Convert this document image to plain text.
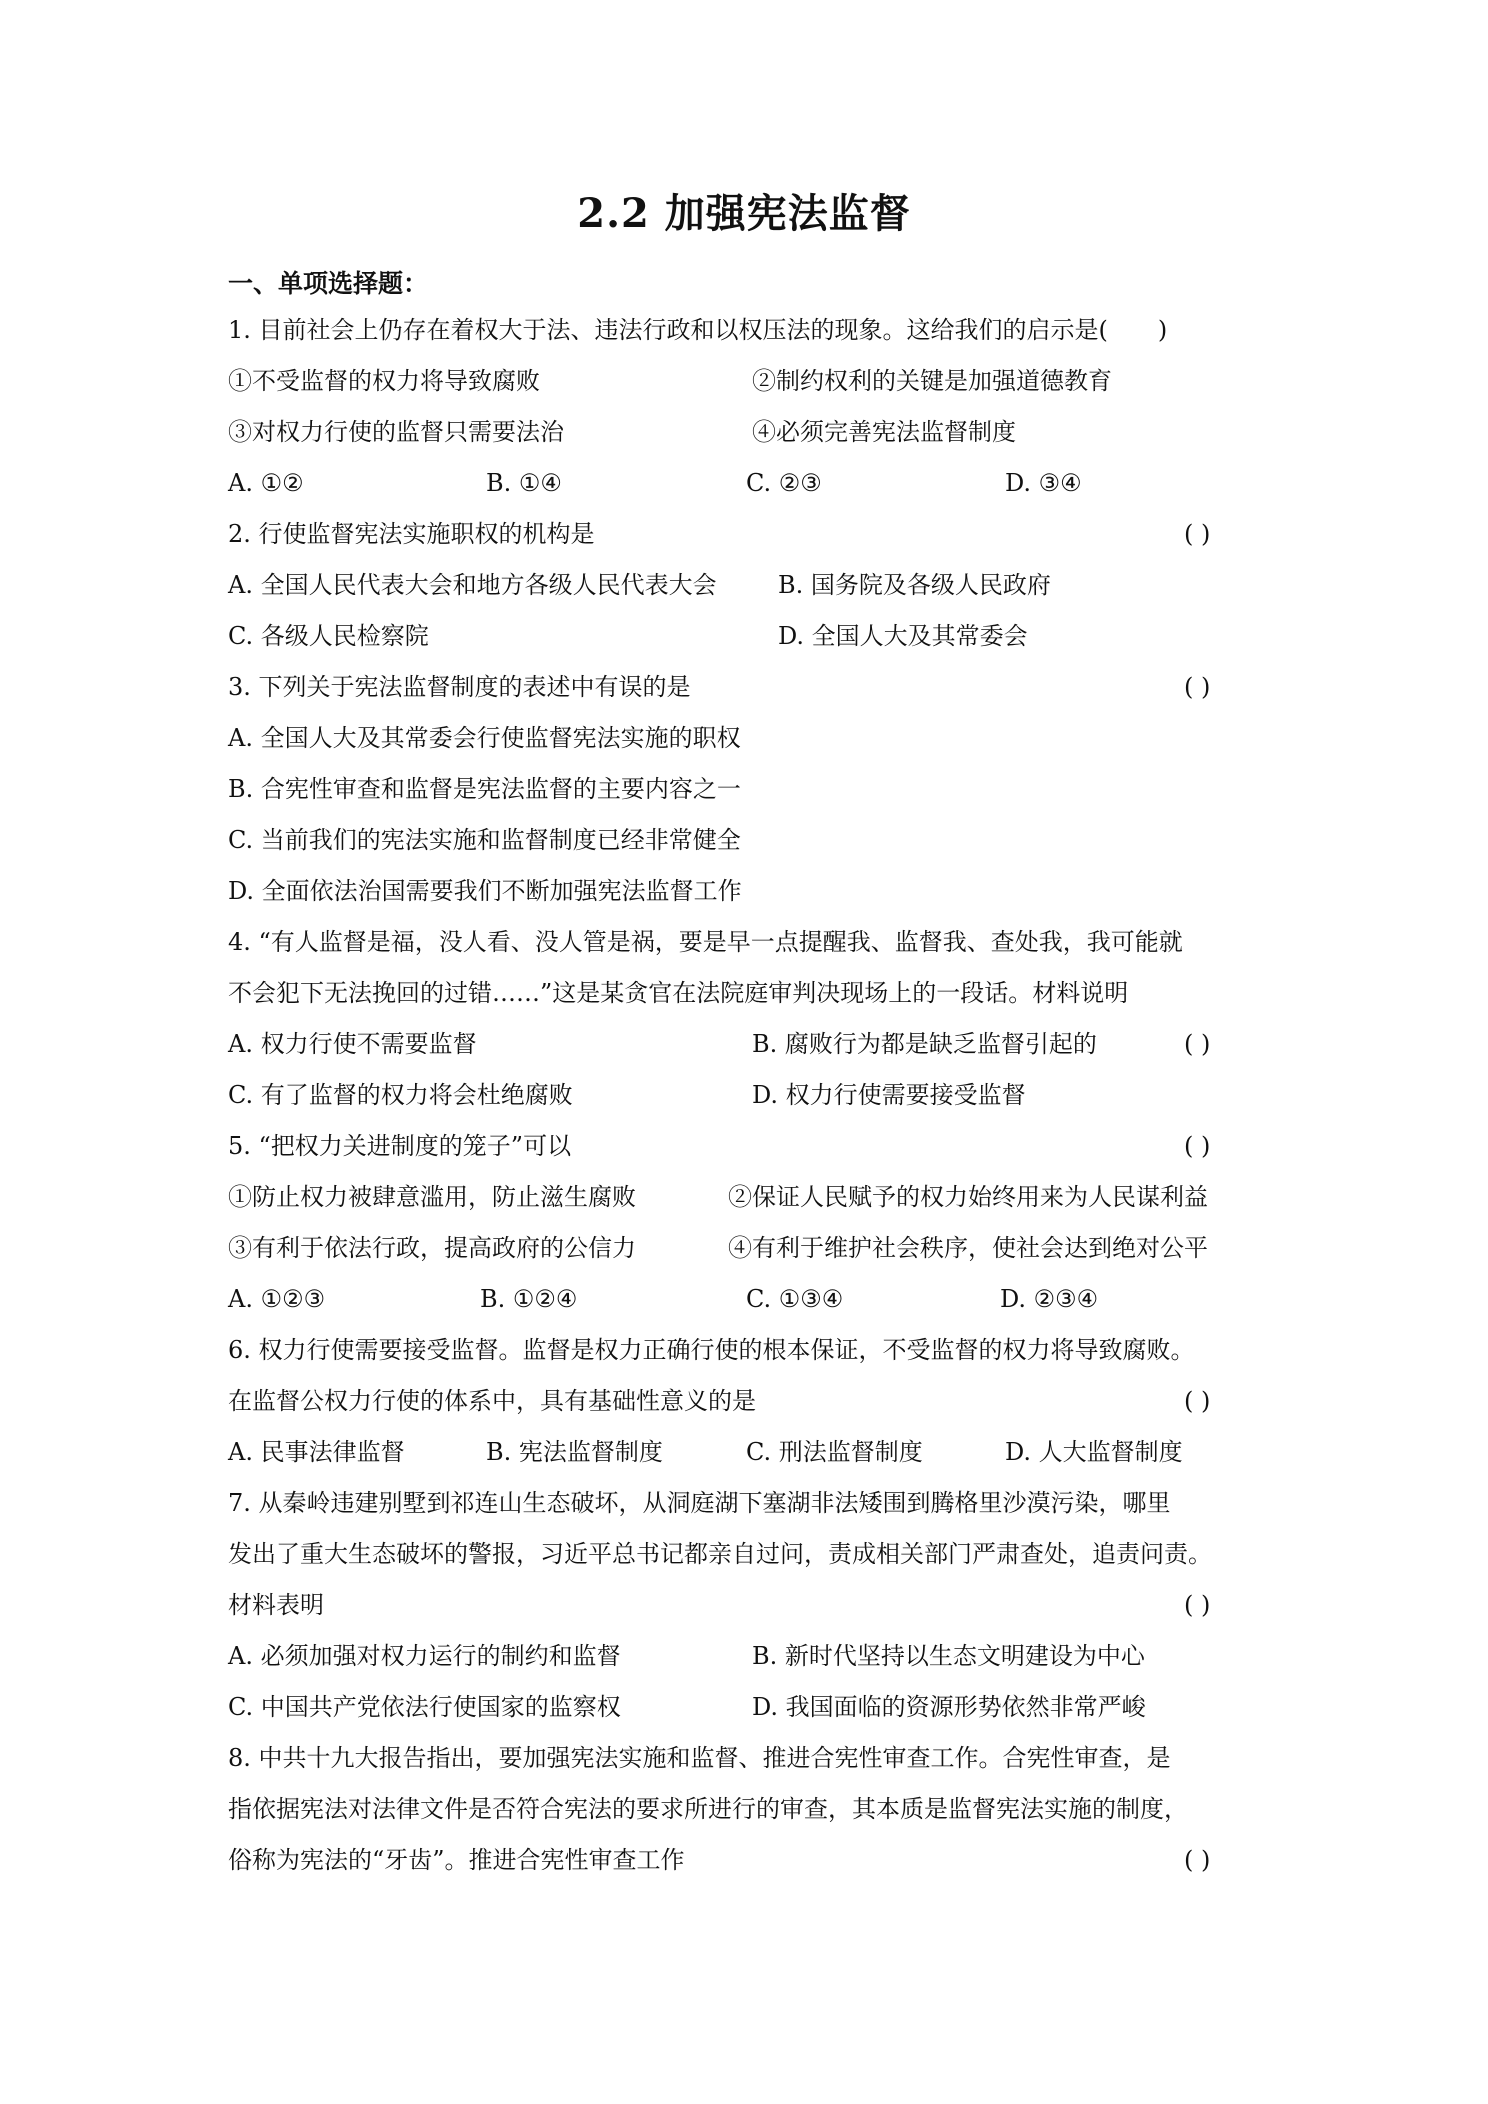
2.2 加强宪法监督
一、单项选择题：
1. 目前社会上仍存在着权大于法、违法行政和以权压法的现象。这给我们的启示是( )
①不受监督的权力将导致腐败	②制约权利的关键是加强道德教育
③对权力行使的监督只需要法治	④必须完善宪法监督制度
A. ①②	B. ①④	C. ②③	D. ③④
2. 行使监督宪法实施职权的机构是	( )
A. 全国人民代表大会和地方各级人民代表大会	B. 国务院及各级人民政府
C. 各级人民检察院	D. 全国人大及其常委会
3. 下列关于宪法监督制度的表述中有误的是	( )
A. 全国人大及其常委会行使监督宪法实施的职权
B. 合宪性审查和监督是宪法监督的主要内容之一
C. 当前我们的宪法实施和监督制度已经非常健全
D. 全面依法治国需要我们不断加强宪法监督工作
4. “有人监督是福，没人看、没人管是祸，要是早一点提醒我、监督我、查处我，我可能就
不会犯下无法挽回的过错……”这是某贪官在法院庭审判决现场上的一段话。材料说明
A. 权力行使不需要监督	B. 腐败行为都是缺乏监督引起的	( )
C. 有了监督的权力将会杜绝腐败	D. 权力行使需要接受监督
5. “把权力关进制度的笼子”可以	( )
①防止权力被肆意滥用，防止滋生腐败	②保证人民赋予的权力始终用来为人民谋利益
③有利于依法行政，提高政府的公信力	④有利于维护社会秩序，使社会达到绝对公平
A. ①②③	B. ①②④	C. ①③④	D. ②③④
6. 权力行使需要接受监督。监督是权力正确行使的根本保证，不受监督的权力将导致腐败。
在监督公权力行使的体系中，具有基础性意义的是	( )
A. 民事法律监督	B. 宪法监督制度	C. 刑法监督制度	D. 人大监督制度
7. 从秦岭违建别墅到祁连山生态破坏，从洞庭湖下塞湖非法矮围到腾格里沙漠污染，哪里
发出了重大生态破坏的警报，习近平总书记都亲自过问，责成相关部门严肃查处，追责问责。
材料表明	( )
A. 必须加强对权力运行的制约和监督	B. 新时代坚持以生态文明建设为中心
C. 中国共产党依法行使国家的监察权	D. 我国面临的资源形势依然非常严峻
8. 中共十九大报告指出，要加强宪法实施和监督、推进合宪性审查工作。合宪性审查，是
指依据宪法对法律文件是否符合宪法的要求所进行的审查，其本质是监督宪法实施的制度，
俗称为宪法的“牙齿”。推进合宪性审查工作	( )
